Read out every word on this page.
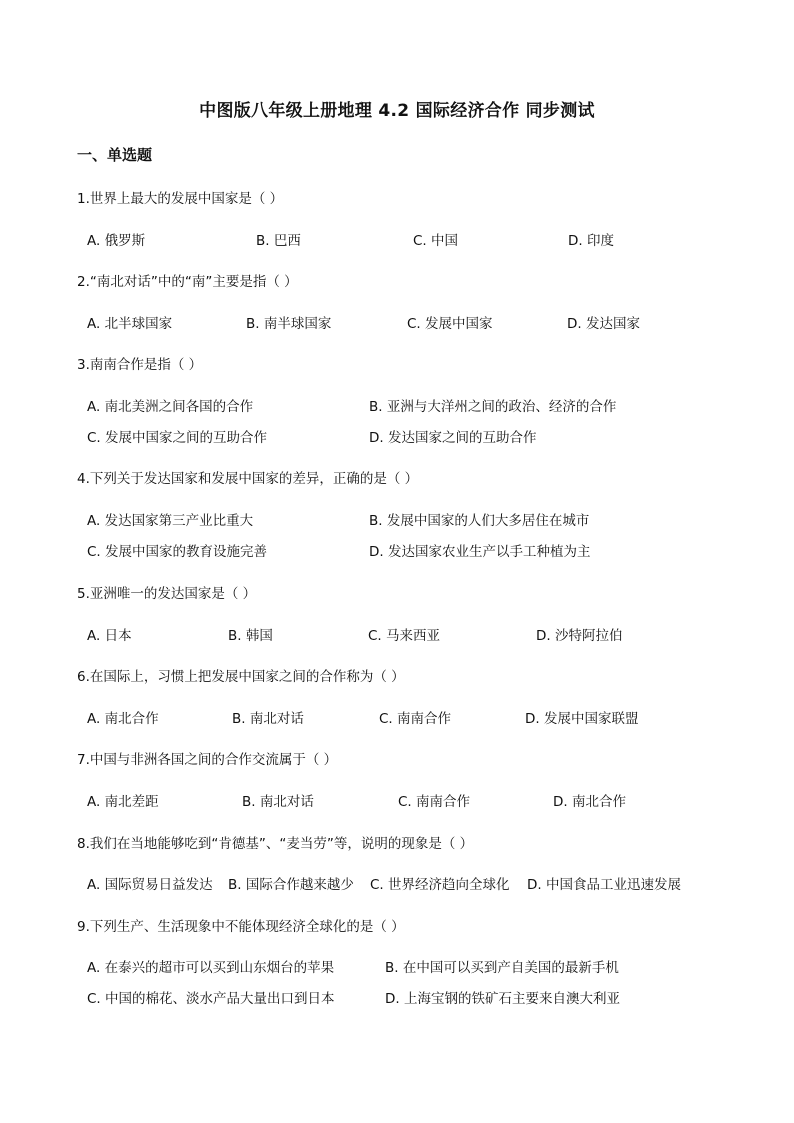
中图版八年级上册地理 4.2 国际经济合作 同步测试
一、单选题
1.世界上最大的发展中国家是（ ）
A. 俄罗斯	B. 巴西	C. 中国	D. 印度
2.“南北对话”中的“南”主要是指（ ）
A. 北半球国家	B. 南半球国家	C. 发展中国家	D. 发达国家
3.南南合作是指（ ）
A. 南北美洲之间各国的合作	B. 亚洲与大洋州之间的政治、经济的合作
C. 发展中国家之间的互助合作	D. 发达国家之间的互助合作
4.下列关于发达国家和发展中国家的差异，正确的是（ ）
A. 发达国家第三产业比重大	B. 发展中国家的人们大多居住在城市
C. 发展中国家的教育设施完善	D. 发达国家农业生产以手工种植为主
5.亚洲唯一的发达国家是（ ）
A. 日本	B. 韩国	C. 马来西亚	D. 沙特阿拉伯
6.在国际上，习惯上把发展中国家之间的合作称为（ ）
A. 南北合作	B. 南北对话	C. 南南合作	D. 发展中国家联盟
7.中国与非洲各国之间的合作交流属于（ ）
A. 南北差距	B. 南北对话	C. 南南合作	D. 南北合作
8.我们在当地能够吃到“肯德基”、“麦当劳”等，说明的现象是（ ）
A. 国际贸易日益发达 B. 国际合作越来越少 C. 世界经济趋向全球化 D. 中国食品工业迅速发展
9.下列生产、生活现象中不能体现经济全球化的是（ ）
A. 在泰兴的超市可以买到山东烟台的苹果	B. 在中国可以买到产自美国的最新手机
C. 中国的棉花、淡水产品大量出口到日本	D. 上海宝钢的铁矿石主要来自澳大利亚
